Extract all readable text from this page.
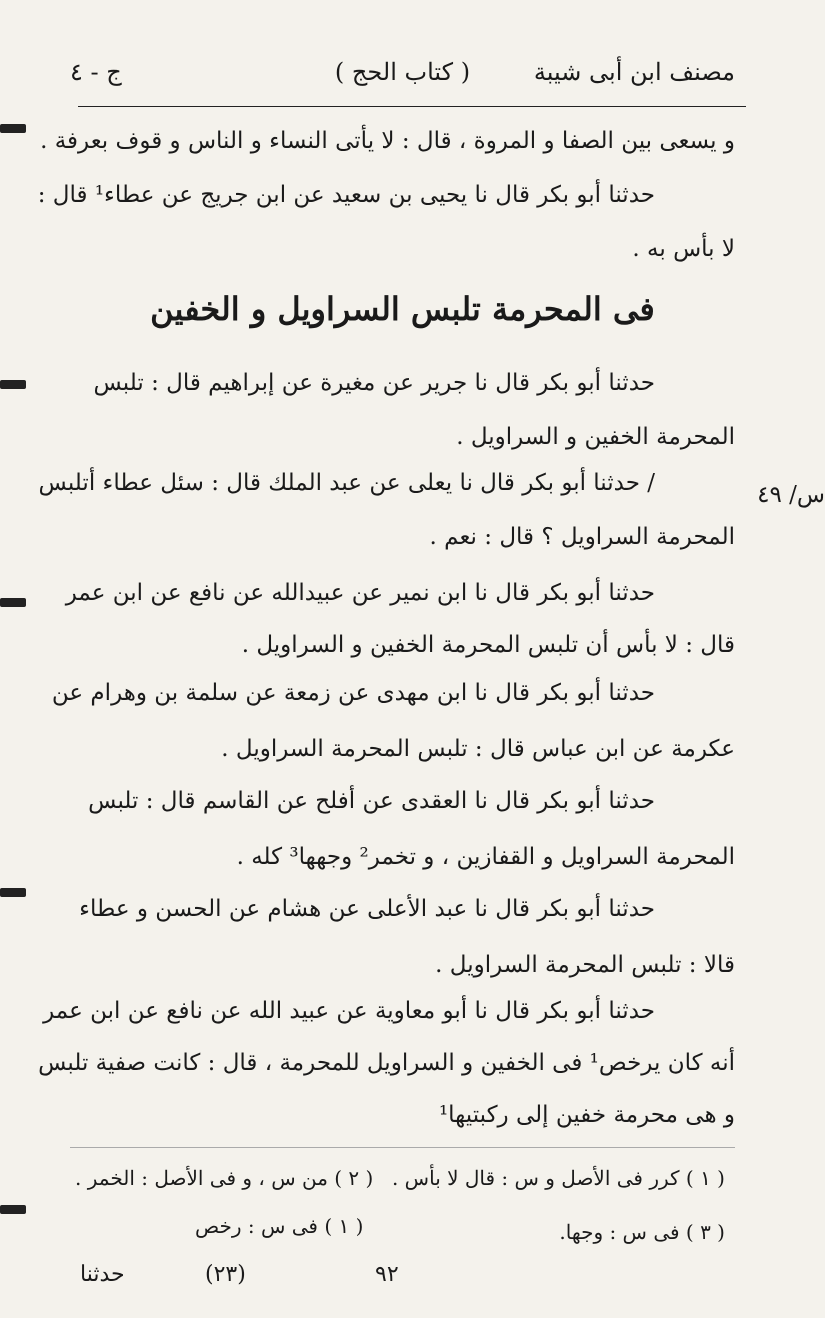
مصنف ابن أبى شيبة
( كتاب الحج )
ج - ٤
و يسعى بين الصفا و المروة ، قال : لا يأتى النساء و الناس و قوف بعرفة .
حدثنا أبو بكر قال نا يحيى بن سعيد عن ابن جريج عن عطاء¹ قال :
لا بأس به .
فى المحرمة تلبس السراويل و الخفين
س/ ٤٩
حدثنا أبو بكر قال نا جرير عن مغيرة عن إبراهيم قال : تلبس
المحرمة الخفين و السراويل .
/ حدثنا أبو بكر قال نا يعلى عن عبد الملك قال : سئل عطاء أتلبس
المحرمة السراويل ؟ قال : نعم .
حدثنا أبو بكر قال نا ابن نمير عن عبيدالله عن نافع عن ابن عمر
قال : لا بأس أن تلبس المحرمة الخفين و السراويل .
حدثنا أبو بكر قال نا ابن مهدى عن زمعة عن سلمة بن وهرام عن
عكرمة عن ابن عباس قال : تلبس المحرمة السراويل .
حدثنا أبو بكر قال نا العقدى عن أفلح عن القاسم قال : تلبس
المحرمة السراويل و القفازين ، و تخمر² وجهها³ كله .
حدثنا أبو بكر قال نا عبد الأعلى عن هشام عن الحسن و عطاء
قالا : تلبس المحرمة السراويل .
حدثنا أبو بكر قال نا أبو معاوية عن عبيد الله عن نافع عن ابن عمر
أنه كان يرخص¹ فى الخفين و السراويل للمحرمة ، قال : كانت صفية تلبس
و هى محرمة خفين إلى ركبتيها¹
( ١ ) كرر فى الأصل و س : قال لا بأس .
( ٢ ) من س ، و فى الأصل : الخمر .
( ٣ ) فى س : وجها.
( ١ ) فى س : رخص
حدثنا	(٢٣)	٩٢
